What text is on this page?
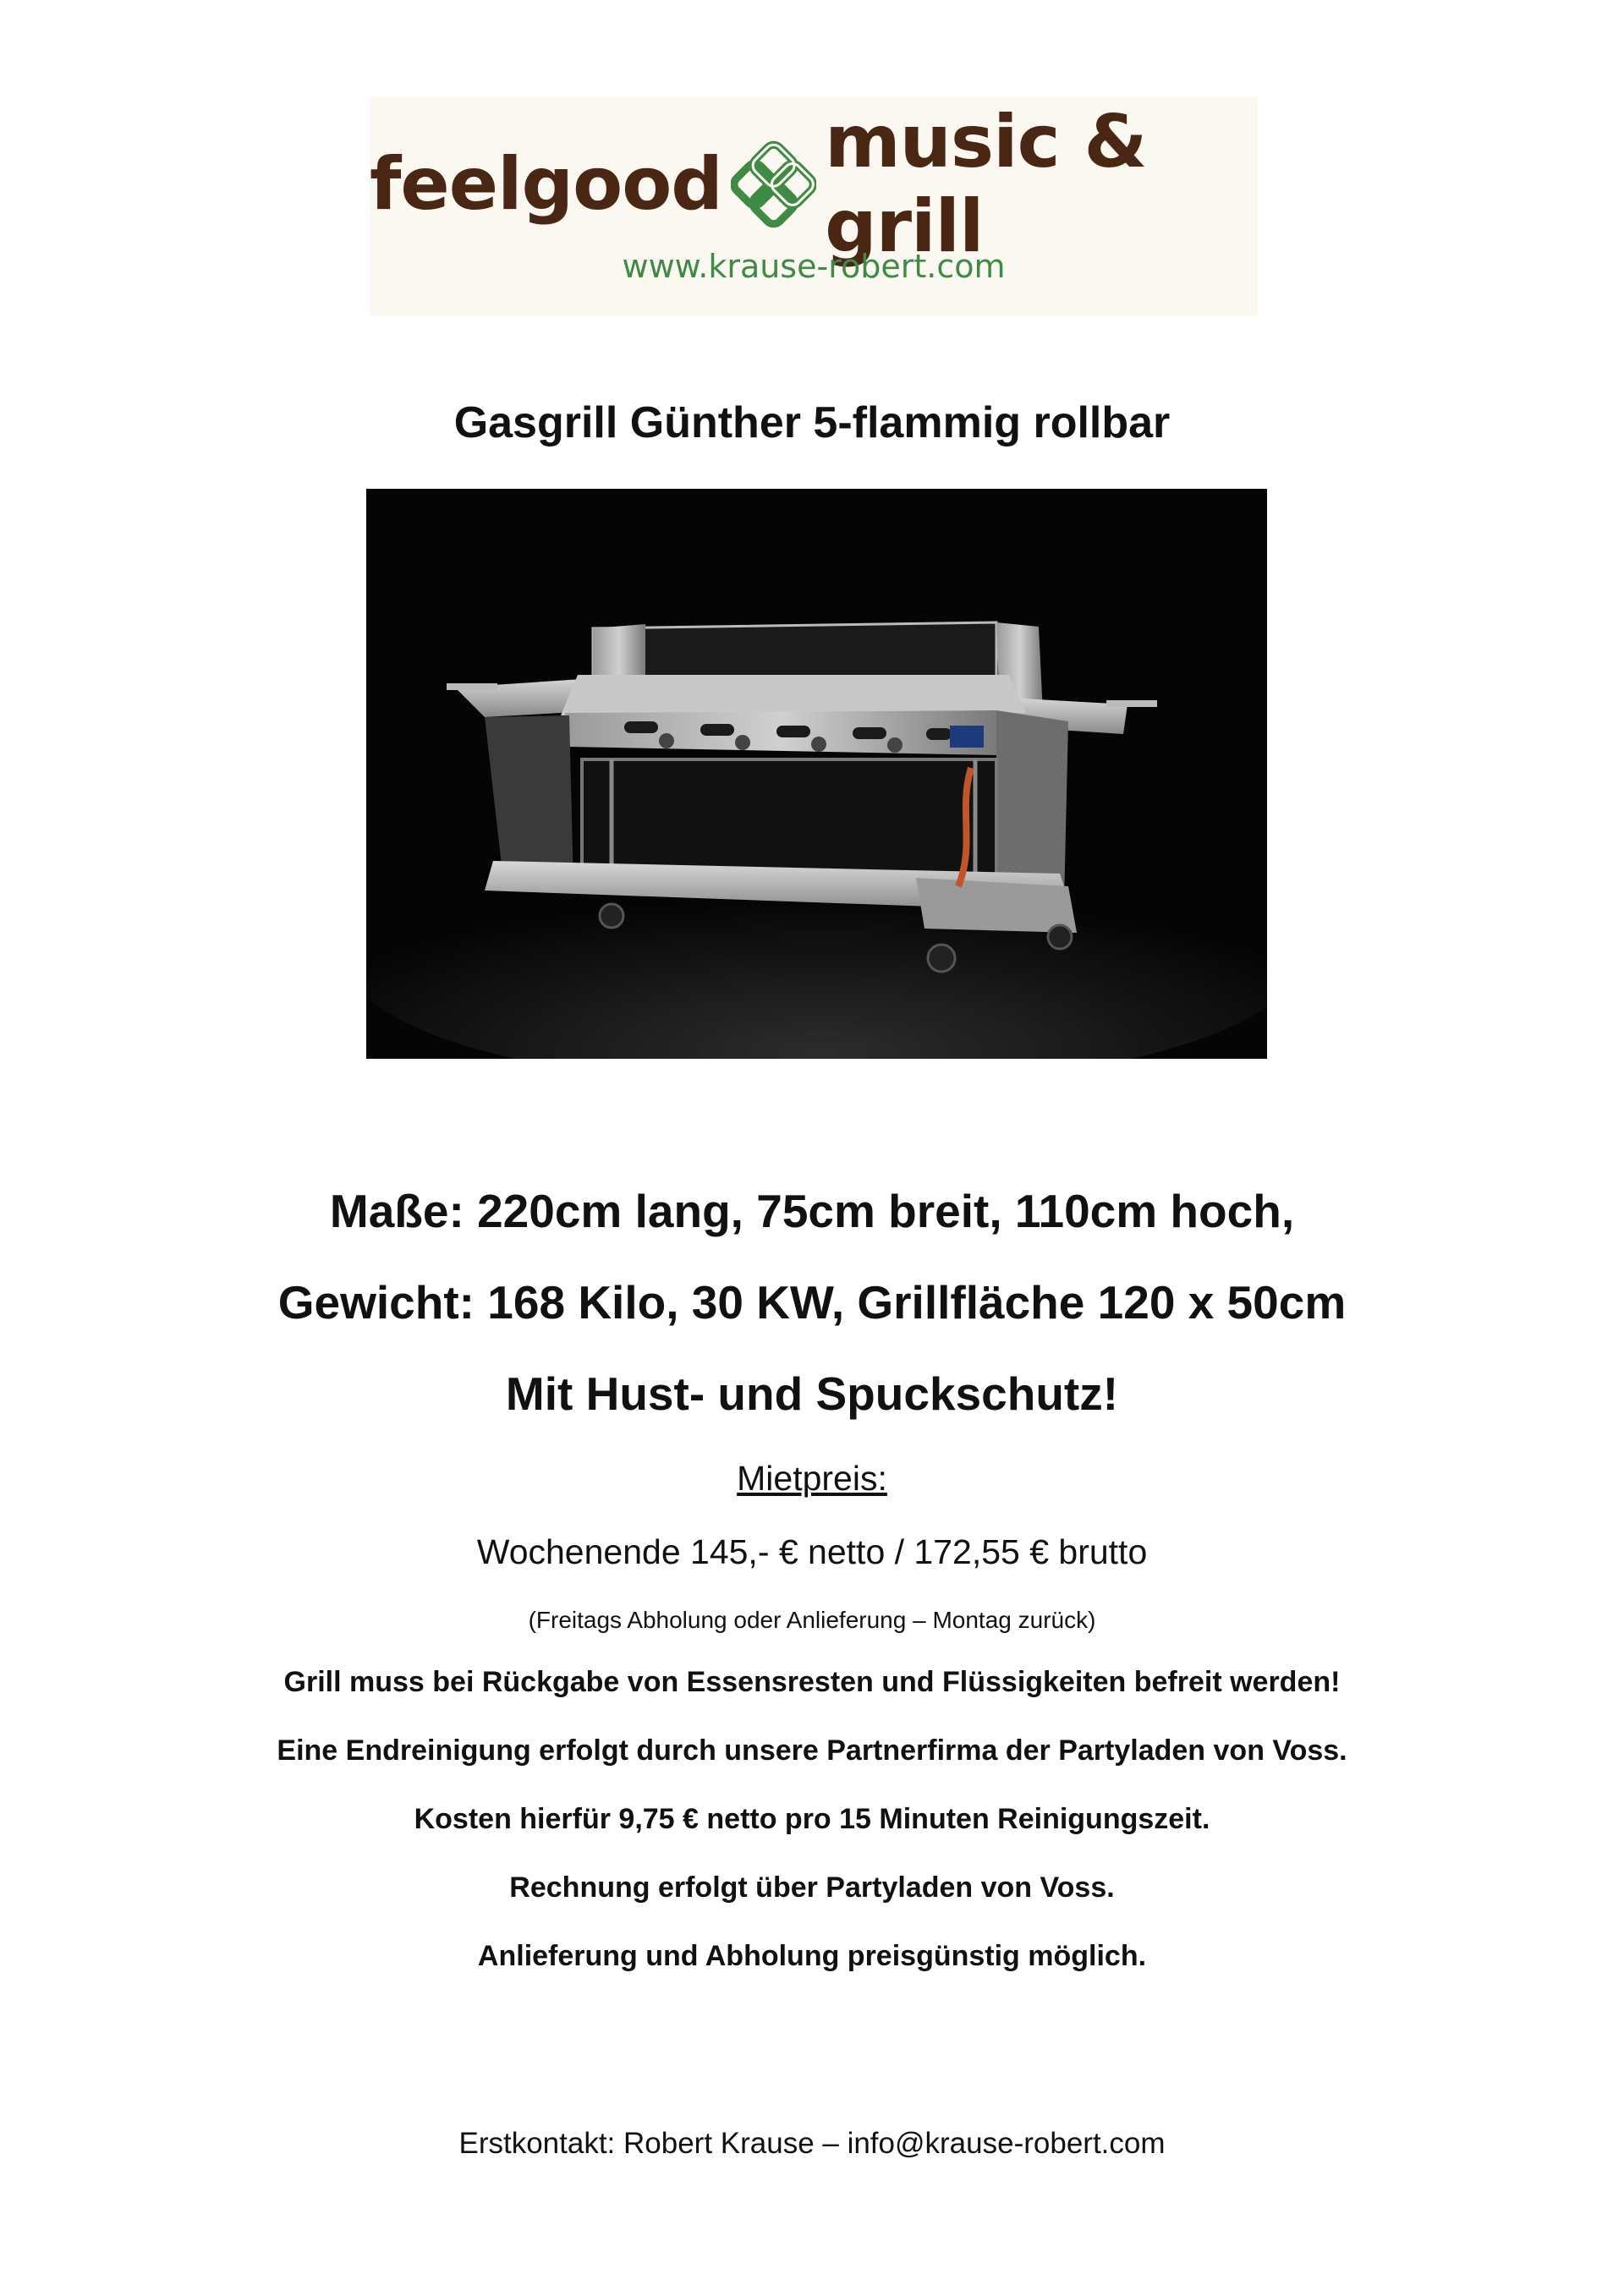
feelgood music & grill
www.krause-robert.com
Gasgrill Günther 5-flammig rollbar
Maße: 220cm lang, 75cm breit, 110cm hoch,
Gewicht: 168 Kilo, 30 KW, Grillfläche 120 x 50cm
Mit Hust- und Spuckschutz!
Mietpreis:
Wochenende 145,- € netto / 172,55 € brutto
(Freitags Abholung oder Anlieferung – Montag zurück)
Grill muss bei Rückgabe von Essensresten und Flüssigkeiten befreit werden!
Eine Endreinigung erfolgt durch unsere Partnerfirma der Partyladen von Voss.
Kosten hierfür 9,75 € netto pro 15 Minuten Reinigungszeit.
Rechnung erfolgt über Partyladen von Voss.
Anlieferung und Abholung preisgünstig möglich.
Erstkontakt: Robert Krause – info@krause-robert.com
